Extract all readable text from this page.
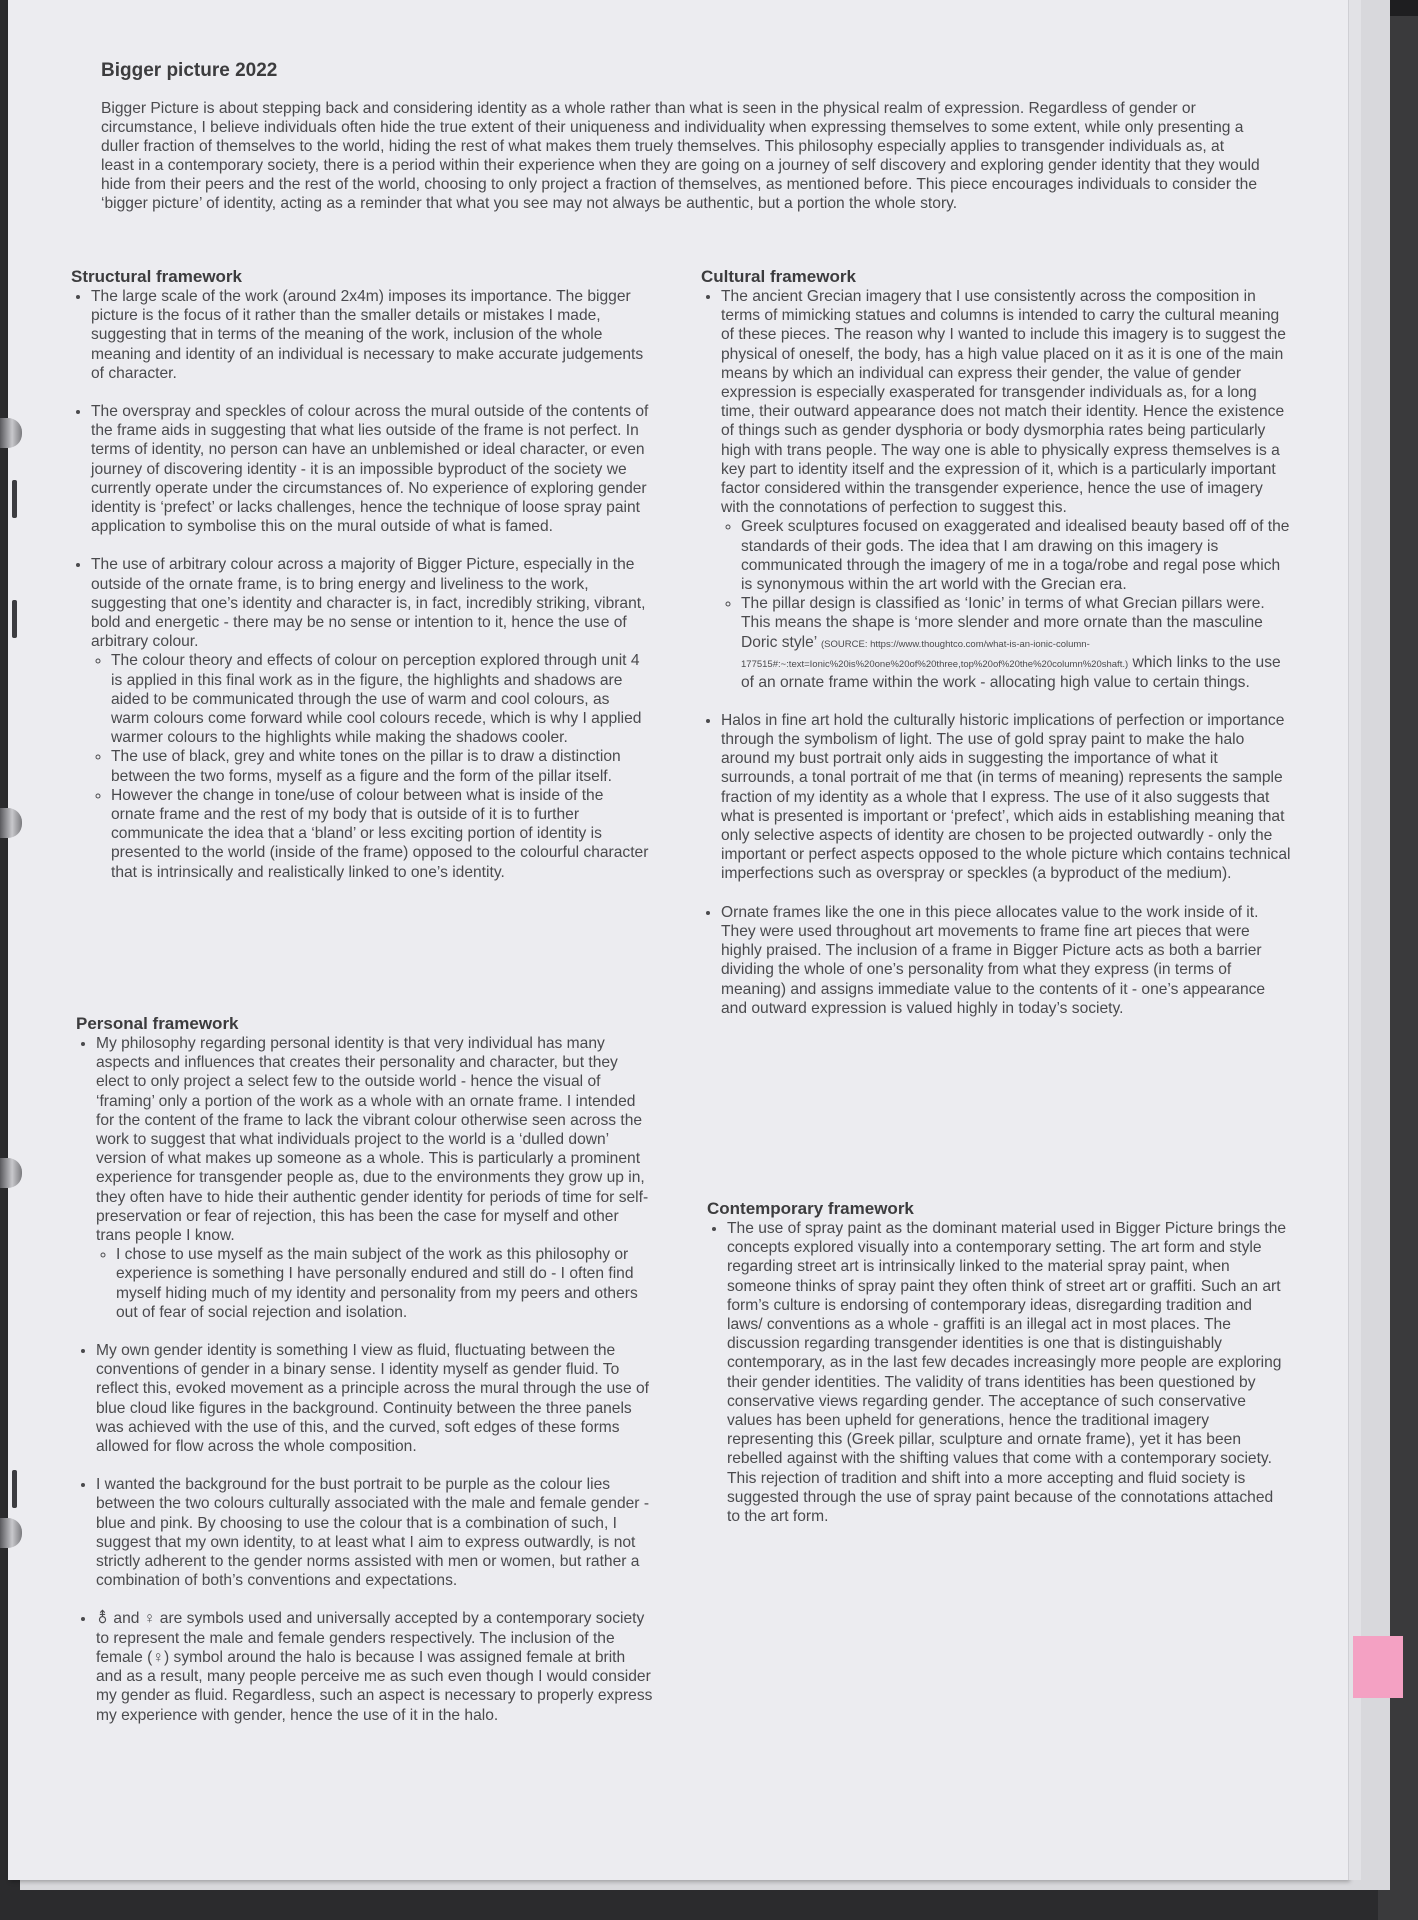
Bigger picture 2022

Bigger Picture is about stepping back and considering identity as a whole rather than what is seen in the physical realm of expression. Regardless of gender or circumstance, I believe individuals often hide the true extent of their uniqueness and individuality when expressing themselves to some extent, while only presenting a duller fraction of themselves to the world, hiding the rest of what makes them truely themselves. This philosophy especially applies to transgender individuals as, at least in a contemporary society, there is a period within their experience when they are going on a journey of self discovery and exploring gender identity that they would hide from their peers and the rest of the world, choosing to only project a fraction of themselves, as mentioned before. This piece encourages individuals to consider the ‘bigger picture’ of identity, acting as a reminder that what you see may not always be authentic, but a portion the whole story.

Structural framework
• The large scale of the work (around 2x4m) imposes its importance. The bigger picture is the focus of it rather than the smaller details or mistakes I made, suggesting that in terms of the meaning of the work, inclusion of the whole meaning and identity of an individual is necessary to make accurate judgements of character.
• The overspray and speckles of colour across the mural outside of the contents of the frame aids in suggesting that what lies outside of the frame is not perfect. In terms of identity, no person can have an unblemished or ideal character, or even journey of discovering identity - it is an impossible byproduct of the society we currently operate under the circumstances of. No experience of exploring gender identity is ‘prefect’ or lacks challenges, hence the technique of loose spray paint application to symbolise this on the mural outside of what is famed.
• The use of arbitrary colour across a majority of Bigger Picture, especially in the outside of the ornate frame, is to bring energy and liveliness to the work, suggesting that one’s identity and character is, in fact, incredibly striking, vibrant, bold and energetic - there may be no sense or intention to it, hence the use of arbitrary colour.
◦ The colour theory and effects of colour on perception explored through unit 4 is applied in this final work as in the figure, the highlights and shadows are aided to be communicated through the use of warm and cool colours, as warm colours come forward while cool colours recede, which is why I applied warmer colours to the highlights while making the shadows cooler.
◦ The use of black, grey and white tones on the pillar is to draw a distinction between the two forms, myself as a figure and the form of the pillar itself.
◦ However the change in tone/use of colour between what is inside of the ornate frame and the rest of my body that is outside of it is to further communicate the idea that a ‘bland’ or less exciting portion of identity is presented to the world (inside of the frame) opposed to the colourful character that is intrinsically and realistically linked to one’s identity.
Personal framework
• My philosophy regarding personal identity is that very individual has many aspects and influences that creates their personality and character, but they elect to only project a select few to the outside world - hence the visual of ‘framing’ only a portion of the work as a whole with an ornate frame. I intended for the content of the frame to lack the vibrant colour otherwise seen across the work to suggest that what individuals project to the world is a ‘dulled down’ version of what makes up someone as a whole. This is particularly a prominent experience for transgender people as, due to the environments they grow up in, they often have to hide their authentic gender identity for periods of time for self-preservation or fear of rejection, this has been the case for myself and other trans people I know.
◦ I chose to use myself as the main subject of the work as this philosophy or experience is something I have personally endured and still do - I often find myself hiding much of my identity and personality from my peers and others out of fear of social rejection and isolation.
• My own gender identity is something I view as fluid, fluctuating between the conventions of gender in a binary sense. I identity myself as gender fluid. To reflect this, evoked movement as a principle across the mural through the use of blue cloud like figures in the background. Continuity between the three panels was achieved with the use of this, and the curved, soft edges of these forms allowed for flow across the whole composition.
• I wanted the background for the bust portrait to be purple as the colour lies between the two colours culturally associated with the male and female gender - blue and pink. By choosing to use the colour that is a combination of such, I suggest that my own identity, to at least what I aim to express outwardly, is not strictly adherent to the gender norms assisted with men or women, but rather a combination of both’s conventions and expectations.
• ⚨ and ♀ are symbols used and universally accepted by a contemporary society to represent the male and female genders respectively. The inclusion of the female (♀) symbol around the halo is because I was assigned female at brith and as a result, many people perceive me as such even though I would consider my gender as fluid. Regardless, such an aspect is necessary to properly express my experience with gender, hence the use of it in the halo.
Cultural framework
• The ancient Grecian imagery that I use consistently across the composition in terms of mimicking statues and columns is intended to carry the cultural meaning of these pieces. The reason why I wanted to include this imagery is to suggest the physical of oneself, the body, has a high value placed on it as it is one of the main means by which an individual can express their gender, the value of gender expression is especially exasperated for transgender individuals as, for a long time, their outward appearance does not match their identity. Hence the existence of things such as gender dysphoria or body dysmorphia rates being particularly high with trans people. The way one is able to physically express themselves is a key part to identity itself and the expression of it, which is a particularly important factor considered within the transgender experience, hence the use of imagery with the connotations of perfection to suggest this.
◦ Greek sculptures focused on exaggerated and idealised beauty based off of the standards of their gods. The idea that I am drawing on this imagery is communicated through the imagery of me in a toga/robe and regal pose which is synonymous within the art world with the Grecian era.
◦ The pillar design is classified as ‘Ionic’ in terms of what Grecian pillars were. This means the shape is ‘more slender and more ornate than the masculine Doric style’ (SOURCE: https://www.thoughtco.com/what-is-an-ionic-column-177515#:~:text=Ionic%20is%20one%20of%20three,top%20of%20the%20column%20shaft.) which links to the use of an ornate frame within the work - allocating high value to certain things.
• Halos in fine art hold the culturally historic implications of perfection or importance through the symbolism of light. The use of gold spray paint to make the halo around my bust portrait only aids in suggesting the importance of what it surrounds, a tonal portrait of me that (in terms of meaning) represents the sample fraction of my identity as a whole that I express. The use of it also suggests that what is presented is important or ‘prefect’, which aids in establishing meaning that only selective aspects of identity are chosen to be projected outwardly - only the important or perfect aspects opposed to the whole picture which contains technical imperfections such as overspray or speckles (a byproduct of the medium).
• Ornate frames like the one in this piece allocates value to the work inside of it. They were used throughout art movements to frame fine art pieces that were highly praised. The inclusion of a frame in Bigger Picture acts as both a barrier dividing the whole of one’s personality from what they express (in terms of meaning) and assigns immediate value to the contents of it - one’s appearance and outward expression is valued highly in today’s society.
Contemporary framework
• The use of spray paint as the dominant material used in Bigger Picture brings the concepts explored visually into a contemporary setting. The art form and style regarding street art is intrinsically linked to the material spray paint, when someone thinks of spray paint they often think of street art or graffiti. Such an art form’s culture is endorsing of contemporary ideas, disregarding tradition and laws/ conventions as a whole - graffiti is an illegal act in most places. The discussion regarding transgender identities is one that is distinguishably contemporary, as in the last few decades increasingly more people are exploring their gender identities. The validity of trans identities has been questioned by conservative views regarding gender. The acceptance of such conservative values has been upheld for generations, hence the traditional imagery representing this (Greek pillar, sculpture and ornate frame), yet it has been rebelled against with the shifting values that come with a contemporary society. This rejection of tradition and shift into a more accepting and fluid society is suggested through the use of spray paint because of the connotations attached to the art form.
